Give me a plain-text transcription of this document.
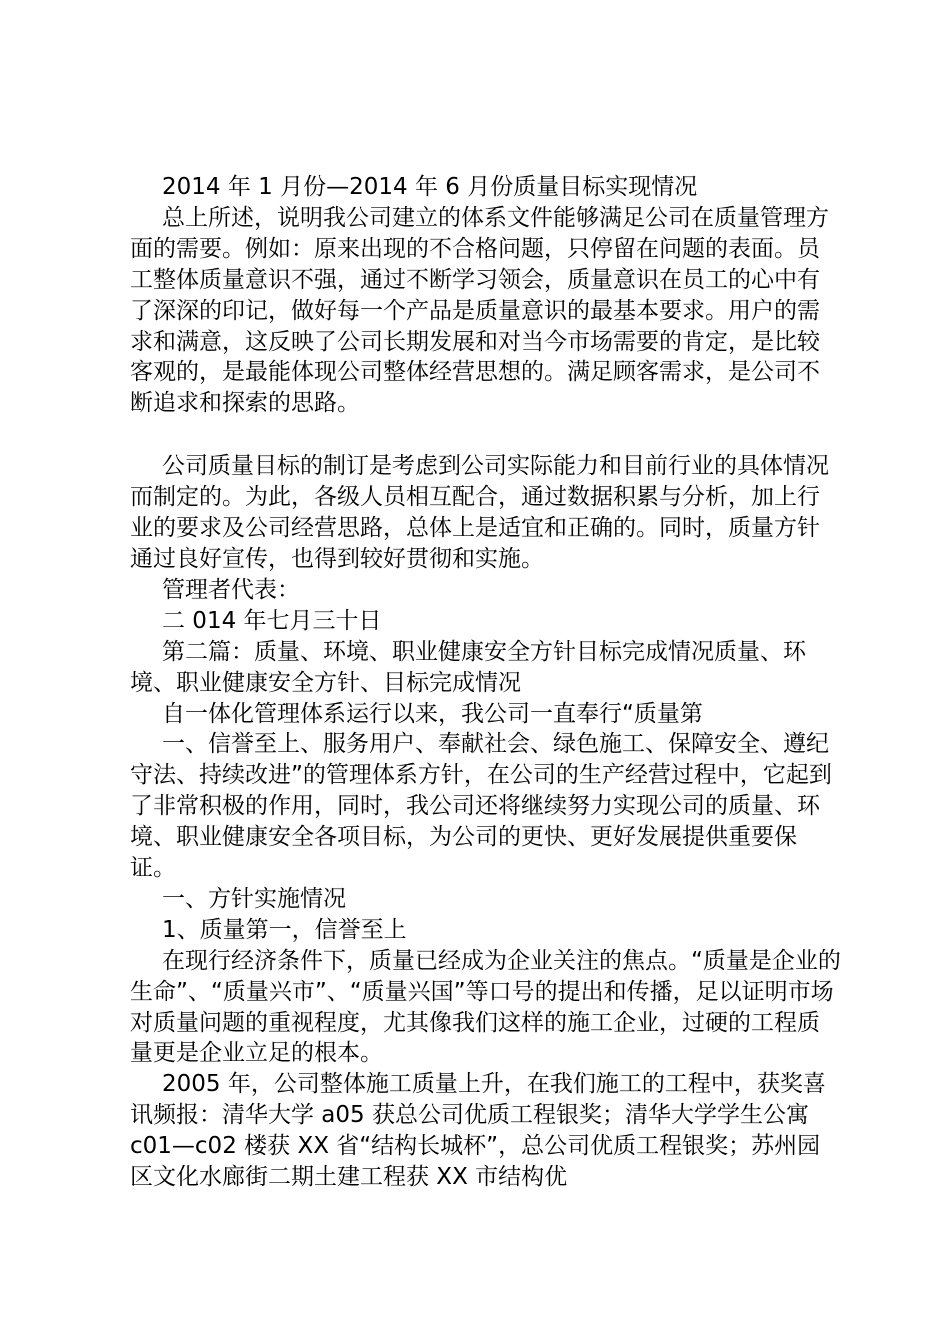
2014 年 1 月份—2014 年 6 月份质量目标实现情况

总上所述，说明我公司建立的体系文件能够满足公司在质量管理方面的需要。例如：原来出现的不合格问题，只停留在问题的表面。员工整体质量意识不强，通过不断学习领会，质量意识在员工的心中有了深深的印记，做好每一个产品是质量意识的最基本要求。用户的需求和满意，这反映了公司长期发展和对当今市场需要的肯定，是比较客观的，是最能体现公司整体经营思想的。满足顾客需求，是公司不断追求和探索的思路。

公司质量目标的制订是考虑到公司实际能力和目前行业的具体情况而制定的。为此，各级人员相互配合，通过数据积累与分析，加上行业的要求及公司经营思路，总体上是适宜和正确的。同时，质量方针通过良好宣传，也得到较好贯彻和实施。

管理者代表：

二 014 年七月三十日

第二篇：质量、环境、职业健康安全方针目标完成情况质量、环境、职业健康安全方针、目标完成情况

自一体化管理体系运行以来，我公司一直奉行“质量第

一、信誉至上、服务用户、奉献社会、绿色施工、保障安全、遵纪守法、持续改进”的管理体系方针，在公司的生产经营过程中，它起到了非常积极的作用，同时，我公司还将继续努力实现公司的质量、环境、职业健康安全各项目标，为公司的更快、更好发展提供重要保证。

一、方针实施情况

1、质量第一，信誉至上

在现行经济条件下，质量已经成为企业关注的焦点。“质量是企业的生命”、“质量兴市”、“质量兴国”等口号的提出和传播，足以证明市场对质量问题的重视程度，尤其像我们这样的施工企业，过硬的工程质量更是企业立足的根本。

2005 年，公司整体施工质量上升，在我们施工的工程中，获奖喜讯频报：清华大学 a05 获总公司优质工程银奖；清华大学学生公寓 c01—c02 楼获 XX 省“结构长城杯”，总公司优质工程银奖；苏州园区文化水廊街二期土建工程获 XX 市结构优
